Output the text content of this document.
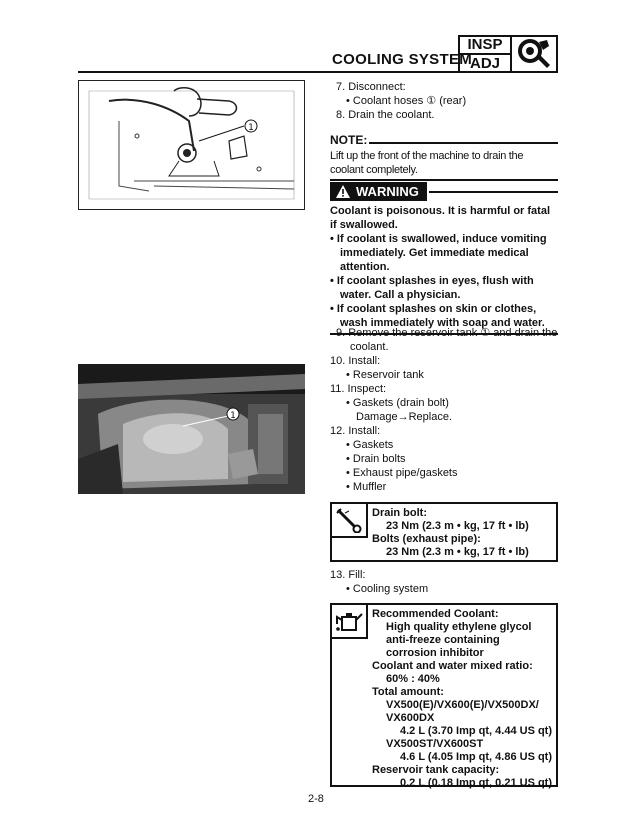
COOLING SYSTEM
INSP
ADJ
1
1
7. Disconnect:
• Coolant hoses ① (rear)
8. Drain the coolant.
NOTE:
Lift up the front of the machine to drain the coolant completely.
WARNING
Coolant is poisonous. It is harmful or fatal if swallowed.
• If coolant is swallowed, induce vomiting immediately. Get immediate medical attention.
• If coolant splashes in eyes, flush with water. Call a physician.
• If coolant splashes on skin or clothes, wash immediately with soap and water.
9. Remove the reservoir tank ① and drain the
coolant.
10. Install:
• Reservoir tank
11. Inspect:
• Gaskets (drain bolt)
Damage→Replace.
12. Install:
• Gaskets
• Drain bolts
• Exhaust pipe/gaskets
• Muffler
Drain bolt:
23 Nm (2.3 m • kg, 17 ft • lb)
Bolts (exhaust pipe):
23 Nm (2.3 m • kg, 17 ft • lb)
13. Fill:
• Cooling system
Recommended Coolant:
High quality ethylene glycol
anti-freeze containing
corrosion inhibitor
Coolant and water mixed ratio:
60% : 40%
Total amount:
VX500(E)/VX600(E)/VX500DX/
VX600DX
4.2 L (3.70 Imp qt, 4.44 US qt)
VX500ST/VX600ST
4.6 L (4.05 Imp qt, 4.86 US qt)
Reservoir tank capacity:
0.2 L (0.18 Imp qt, 0.21 US qt)
2-8
